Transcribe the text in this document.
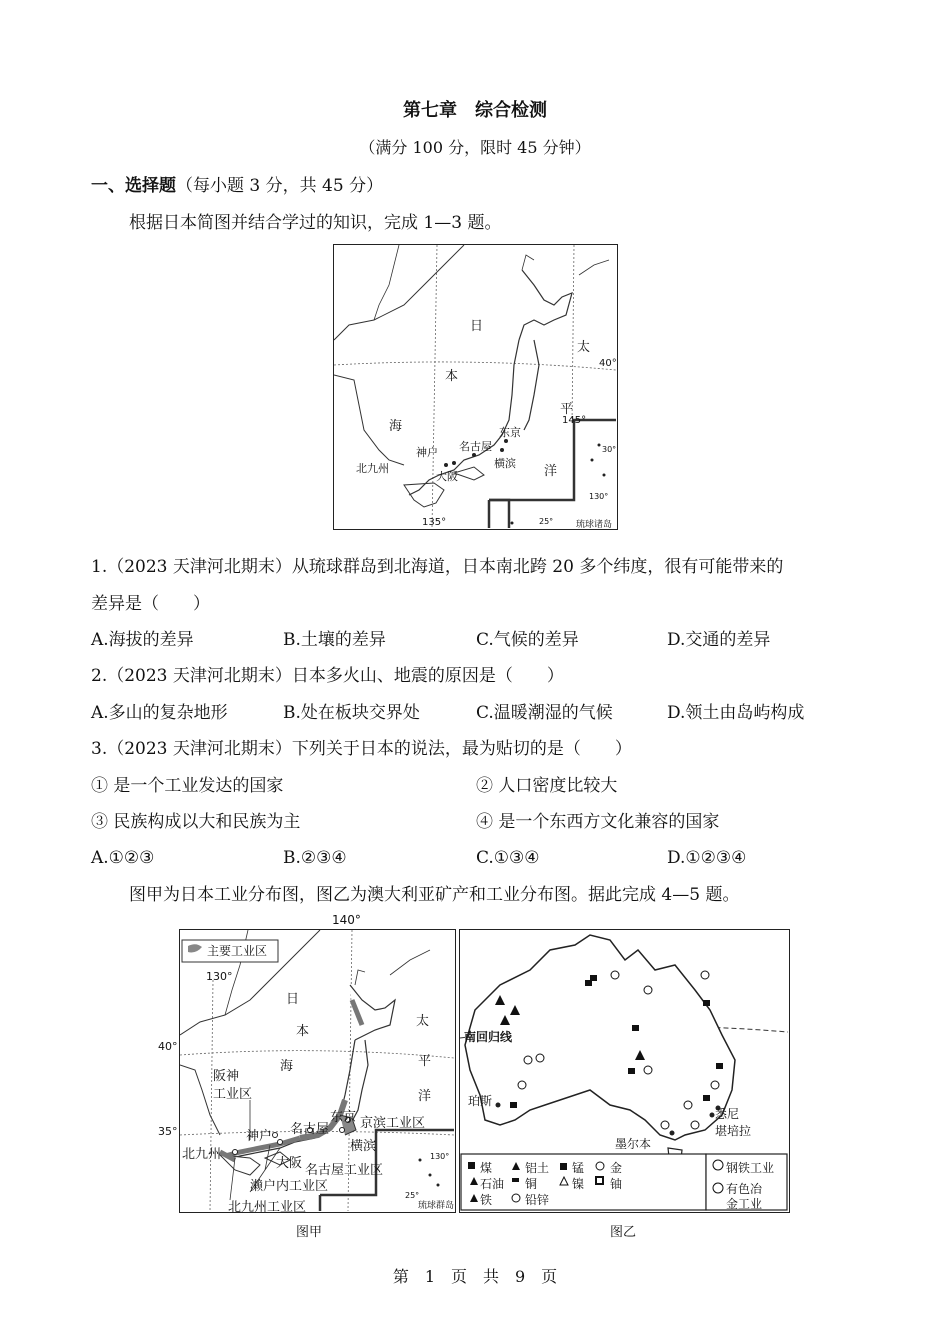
第七章　综合检测
（满分 100 分，限时 45 分钟）
一、选择题（每小题 3 分，共 45 分）
根据日本简图并结合学过的知识，完成 1—3 题。
日
本
海
太
平
洋
东京
名古屋
横滨
大阪
神户
北九州
琉球诸岛
40°
145°
135°
130°
30°
25°
1.（2023 天津河北期末）从琉球群岛到北海道，日本南北跨 20 多个纬度，很有可能带来的
差异是（　　）
A.海拔的差异	B.土壤的差异	C.气候的差异	D.交通的差异
2.（2023 天津河北期末）日本多火山、地震的原因是（　　）
A.多山的复杂地形	B.处在板块交界处	C.温暖潮湿的气候	D.领土由岛屿构成
3.（2023 天津河北期末）下列关于日本的说法，最为贴切的是（　　）
① 是一个工业发达的国家	② 人口密度比较大
③ 民族构成以大和民族为主	④ 是一个东西方文化兼容的国家
A.①②③	B.②③④	C.①③④	D.①②③④
图甲为日本工业分布图，图乙为澳大利亚矿产和工业分布图。据此完成 4—5 题。
140°
主要工业区
日
本
海
太
平
洋
阪神
工业区
东京 京滨工业区
名古屋
神户
大阪
横滨
名古屋工业区
北九州
濑户内工业区
北九州工业区	琉球群岛
130°
40°
35°
130°
25°
图甲
南回归线
珀斯
墨尔本
悉尼
堪培拉
煤	铝土 锰 金
石油 铜	镍 铀
铁	铅锌
钢铁工业
有色冶
金工业
图乙
第　1　页　共　9　页
